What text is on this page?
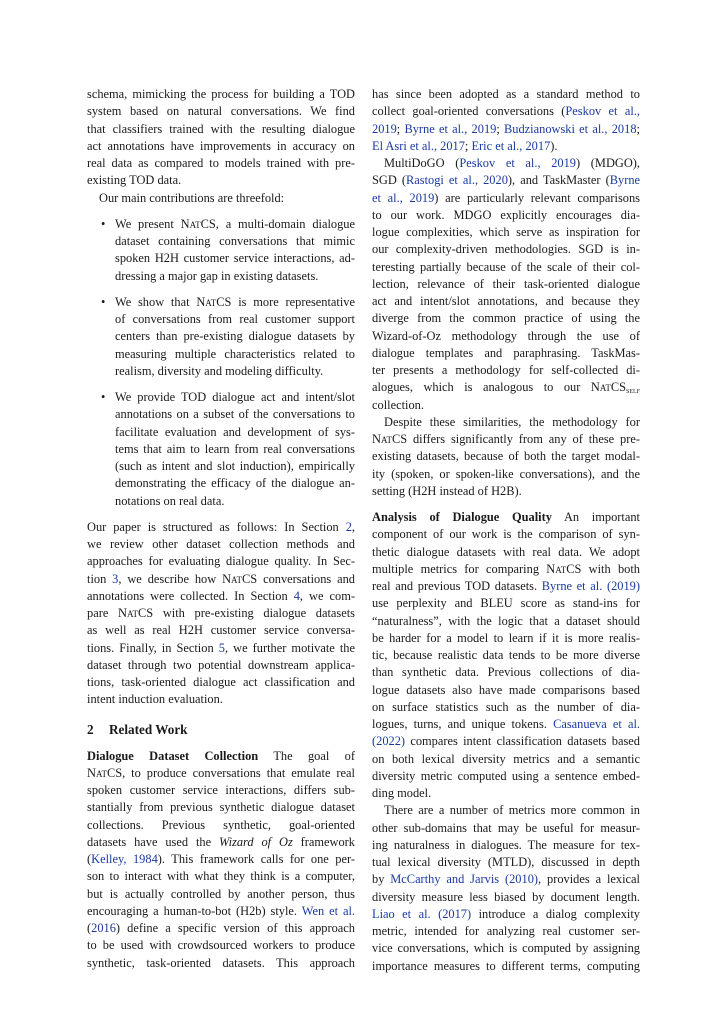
schema, mimicking the process for building a TOD
system based on natural conversations. We find
that classifiers trained with the resulting dialogue
act annotations have improvements in accuracy on
real data as compared to models trained with pre-
existing TOD data.
Our main contributions are threefold:
• We present NatCS, a multi-domain dialogue
dataset containing conversations that mimic
spoken H2H customer service interactions, ad-
dressing a major gap in existing datasets.
• We show that NatCS is more representative
of conversations from real customer support
centers than pre-existing dialogue datasets by
measuring multiple characteristics related to
realism, diversity and modeling difficulty.
• We provide TOD dialogue act and intent/slot
annotations on a subset of the conversations to
facilitate evaluation and development of sys-
tems that aim to learn from real conversations
(such as intent and slot induction), empirically
demonstrating the efficacy of the dialogue an-
notations on real data.
Our paper is structured as follows: In Section 2,
we review other dataset collection methods and
approaches for evaluating dialogue quality. In Sec-
tion 3, we describe how NatCS conversations and
annotations were collected. In Section 4, we com-
pare NatCS with pre-existing dialogue datasets
as well as real H2H customer service conversa-
tions. Finally, in Section 5, we further motivate the
dataset through two potential downstream applica-
tions, task-oriented dialogue act classification and
intent induction evaluation.
2 Related Work
Dialogue Dataset Collection The goal of
NatCS, to produce conversations that emulate real
spoken customer service interactions, differs sub-
stantially from previous synthetic dialogue dataset
collections. Previous synthetic, goal-oriented
datasets have used the Wizard of Oz framework
(Kelley, 1984). This framework calls for one per-
son to interact with what they think is a computer,
but is actually controlled by another person, thus
encouraging a human-to-bot (H2b) style. Wen et al.
(2016) define a specific version of this approach
to be used with crowdsourced workers to produce
synthetic, task-oriented datasets. This approach
has since been adopted as a standard method to
collect goal-oriented conversations (Peskov et al.,
2019; Byrne et al., 2019; Budzianowski et al., 2018;
El Asri et al., 2017; Eric et al., 2017).
MultiDoGO (Peskov et al., 2019) (MDGO),
SGD (Rastogi et al., 2020), and TaskMaster (Byrne
et al., 2019) are particularly relevant comparisons
to our work. MDGO explicitly encourages dia-
logue complexities, which serve as inspiration for
our complexity-driven methodologies. SGD is in-
teresting partially because of the scale of their col-
lection, relevance of their task-oriented dialogue
act and intent/slot annotations, and because they
diverge from the common practice of using the
Wizard-of-Oz methodology through the use of
dialogue templates and paraphrasing. TaskMas-
ter presents a methodology for self-collected di-
alogues, which is analogous to our NatCS$_{self}$
collection.
Despite these similarities, the methodology for
NatCS differs significantly from any of these pre-
existing datasets, because of both the target modal-
ity (spoken, or spoken-like conversations), and the
setting (H2H instead of H2B).
Analysis of Dialogue Quality An important
component of our work is the comparison of syn-
thetic dialogue datasets with real data. We adopt
multiple metrics for comparing NatCS with both
real and previous TOD datasets. Byrne et al. (2019)
use perplexity and BLEU score as stand-ins for
“naturalness”, with the logic that a dataset should
be harder for a model to learn if it is more realis-
tic, because realistic data tends to be more diverse
than synthetic data. Previous collections of dia-
logue datasets also have made comparisons based
on surface statistics such as the number of dia-
logues, turns, and unique tokens. Casanueva et al.
(2022) compares intent classification datasets based
on both lexical diversity metrics and a semantic
diversity metric computed using a sentence embed-
ding model.
There are a number of metrics more common in
other sub-domains that may be useful for measur-
ing naturalness in dialogues. The measure for tex-
tual lexical diversity (MTLD), discussed in depth
by McCarthy and Jarvis (2010), provides a lexical
diversity measure less biased by document length.
Liao et al. (2017) introduce a dialog complexity
metric, intended for analyzing real customer ser-
vice conversations, which is computed by assigning
importance measures to different terms, computing
